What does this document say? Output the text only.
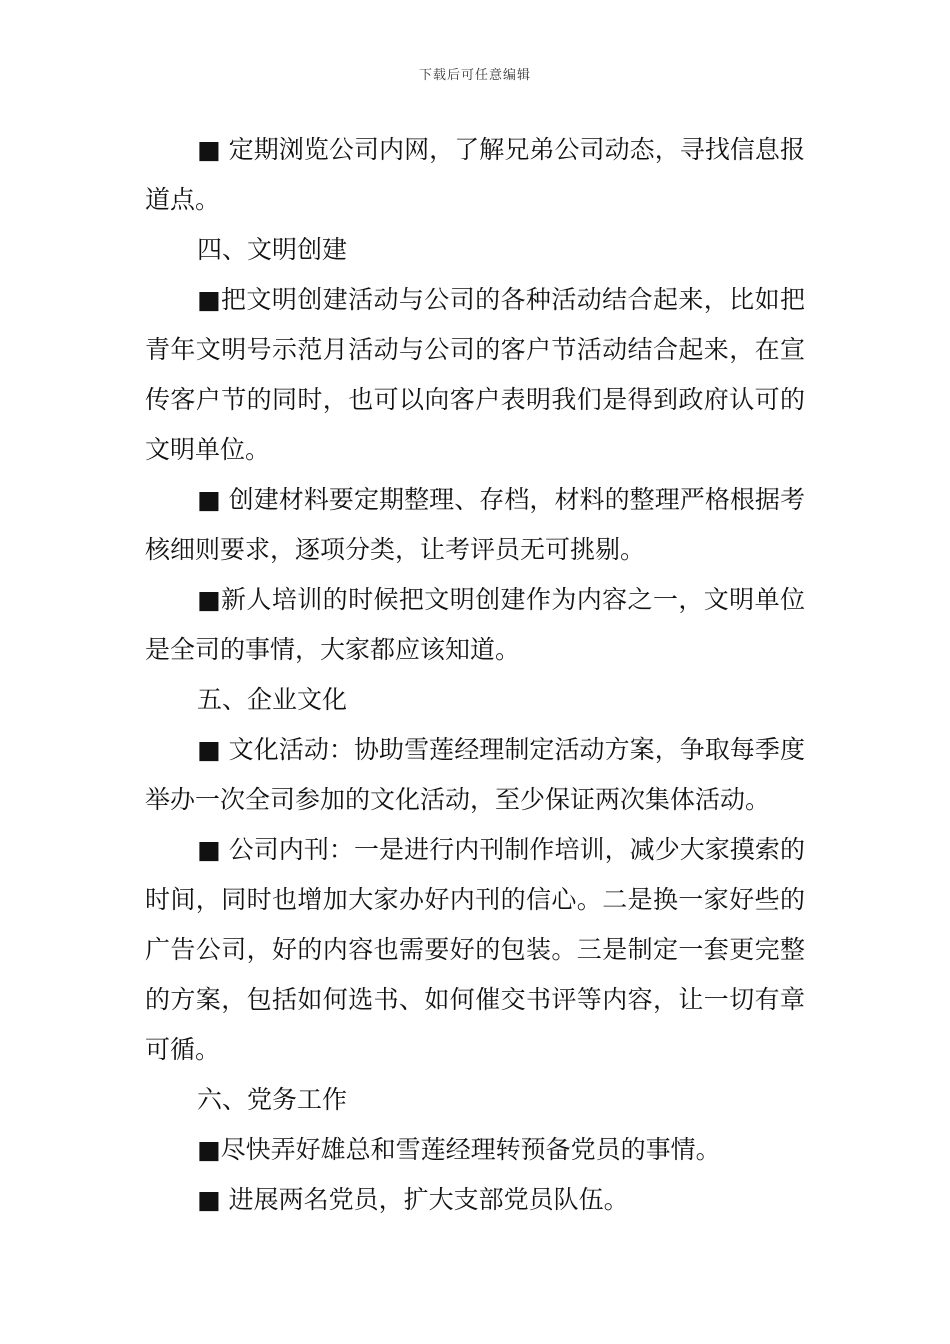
下载后可任意编辑

■ 定期浏览公司内网，了解兄弟公司动态，寻找信息报道点。

四、文明创建

■把文明创建活动与公司的各种活动结合起来，比如把青年文明号示范月活动与公司的客户节活动结合起来，在宣传客户节的同时，也可以向客户表明我们是得到政府认可的文明单位。

■ 创建材料要定期整理、存档，材料的整理严格根据考核细则要求，逐项分类，让考评员无可挑剔。

■新人培训的时候把文明创建作为内容之一，文明单位是全司的事情，大家都应该知道。

五、企业文化

■ 文化活动：协助雪莲经理制定活动方案，争取每季度举办一次全司参加的文化活动，至少保证两次集体活动。

■ 公司内刊：一是进行内刊制作培训，减少大家摸索的时间，同时也增加大家办好内刊的信心。二是换一家好些的广告公司，好的内容也需要好的包装。三是制定一套更完整的方案，包括如何选书、如何催交书评等内容，让一切有章可循。

六、党务工作

■尽快弄好雄总和雪莲经理转预备党员的事情。

■ 进展两名党员，扩大支部党员队伍。
